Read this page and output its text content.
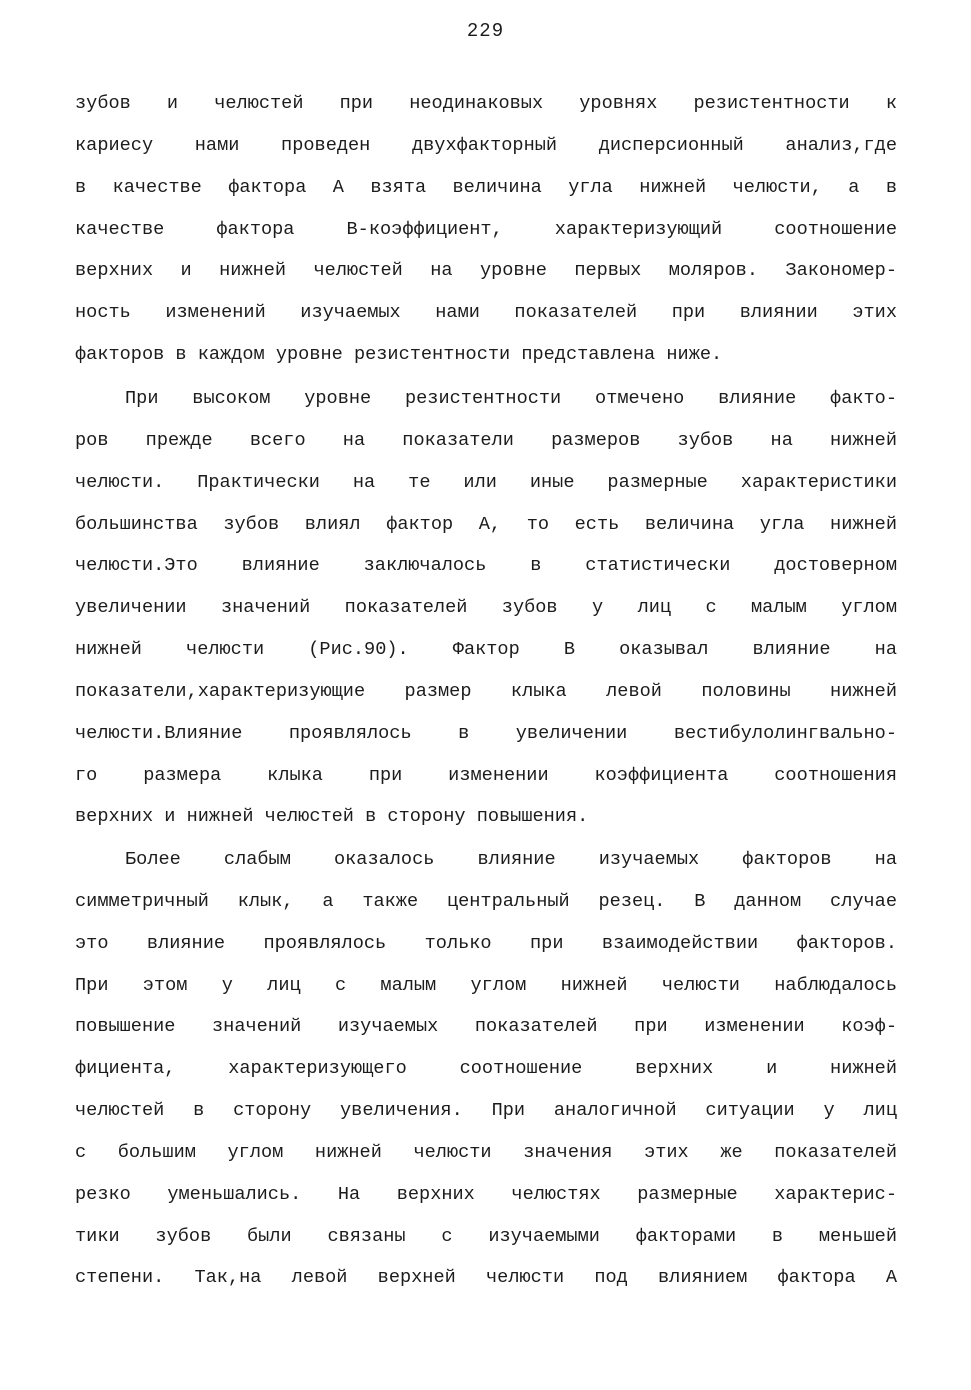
229
зубов и челюстей при неодинаковых уровнях резистентности к
кариесу нами проведен двухфакторный дисперсионный анализ,где
в качестве фактора А взята величина угла нижней челюсти, а в
качестве фактора В-коэффициент, характеризующий соотношение
верхних и нижней челюстей на уровне первых моляров. Закономер-
ность изменений изучаемых нами показателей при влиянии этих
факторов в каждом уровне резистентности представлена ниже.
При высоком уровне резистентности отмечено влияние факто-
ров прежде всего на показатели размеров зубов на нижней
челюсти. Практически на те или иные размерные характеристики
большинства зубов влиял фактор А, то есть величина угла нижней
челюсти.Это влияние заключалось в статистически достоверном
увеличении значений показателей зубов у лиц с малым углом
нижней челюсти (Рис.90). Фактор В оказывал влияние на
показатели,характеризующие размер клыка левой половины нижней
челюсти.Влияние проявлялось в увеличении вестибулолингвально-
го размера клыка при изменении коэффициента соотношения
верхних и нижней челюстей в сторону повышения.
Более слабым оказалось влияние изучаемых факторов на
симметричный клык, а также центральный резец. В данном случае
это влияние проявлялось только при взаимодействии факторов.
При этом у лиц с малым углом нижней челюсти наблюдалось
повышение значений изучаемых показателей при изменении коэф-
фициента, характеризующего соотношение верхних и нижней
челюстей в сторону увеличения. При аналогичной ситуации у лиц
с большим углом нижней челюсти значения этих же показателей
резко уменьшались. На верхних челюстях размерные характерис-
тики зубов были связаны с изучаемыми факторами в меньшей
степени. Так,на левой верхней челюсти под влиянием фактора А
